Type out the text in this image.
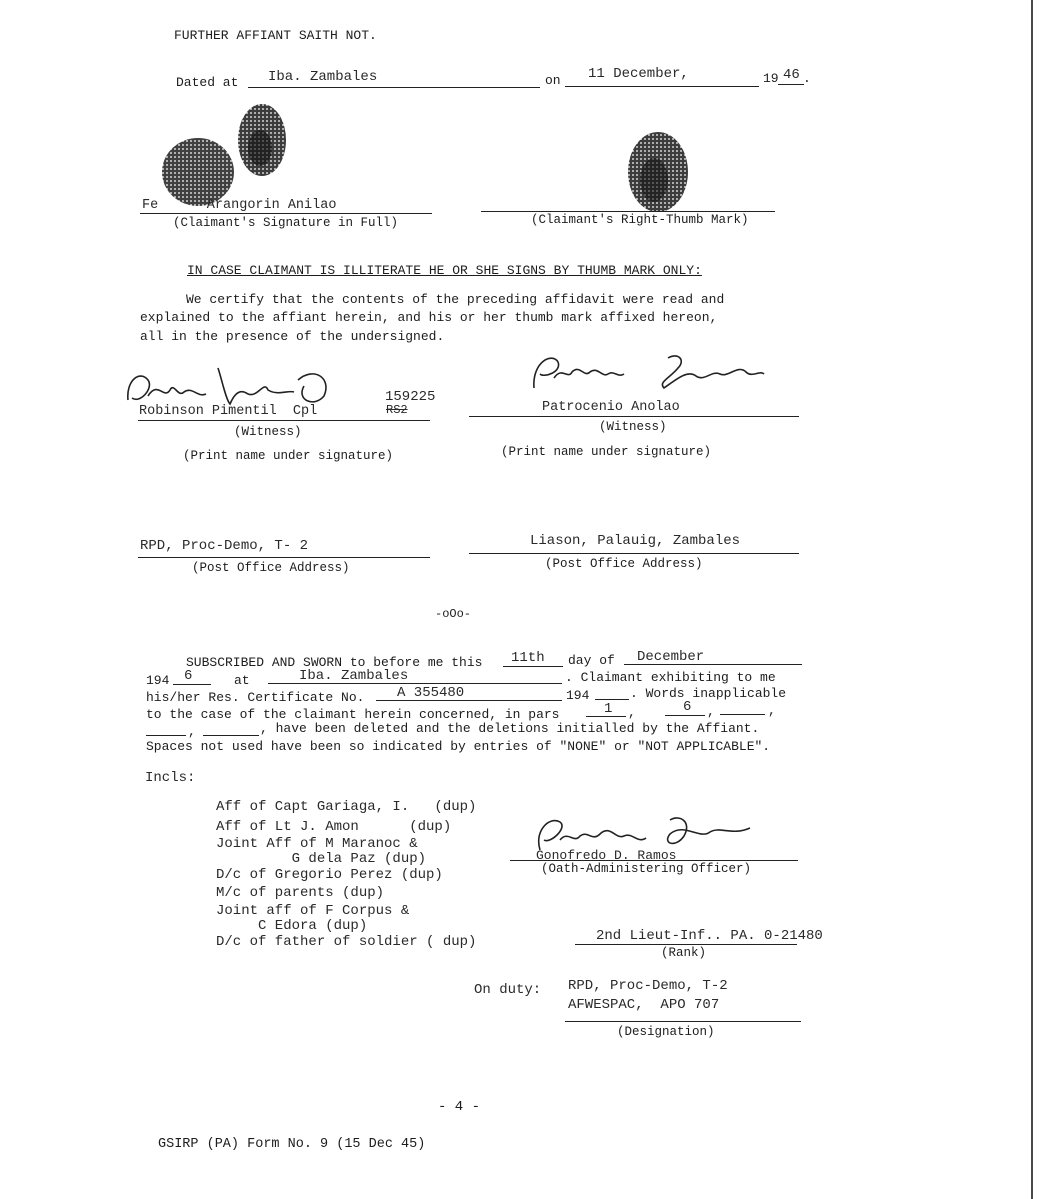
FURTHER AFFIANT SAITH NOT.
Dated at Iba. Zambales	on 11 December,	19 46 .
Fe      Arangorin Anilao
(Claimant's Signature in Full)	(Claimant's Right-Thumb Mark)
IN CASE CLAIMANT IS ILLITERATE HE OR SHE SIGNS BY THUMB MARK ONLY:
We certify that the contents of the preceding affidavit were read and
explained to the affiant herein, and his or her thumb mark affixed hereon,
all in the presence of the undersigned.
Robinson Pimentil  Cpl
159225
RS2
(Witness)
(Print name under signature)
Patrocenio Anolao
(Witness)
(Print name under signature)
RPD, Proc-Demo, T- 2
(Post Office Address)
Liason, Palauig, Zambales
(Post Office Address)
-oOo-
SUBSCRIBED AND SWORN to before me this 11th day of December
194 6	at	Iba. Zambales	. Claimant exhibiting to me
his/her Res. Certificate No. A 355480	194	. Words inapplicable
to the case of the claimant herein concerned, in pars	1 ,	6 ,	,
,	, have been deleted and the deletions initialled by the Affiant.
Spaces not used have been so indicated by entries of "NONE" or "NOT APPLICABLE".
Incls:
Aff of Capt Gariaga, I.   (dup)
Aff of Lt J. Amon      (dup)
Joint Aff of M Maranoc &
G dela Paz (dup)
D/c of Gregorio Perez (dup)
M/c of parents (dup)
Joint aff of F Corpus &
C Edora (dup)
D/c of father of soldier ( dup)
Gonofredo D. Ramos
(Oath-Administering Officer)
2nd Lieut-Inf.. PA. 0-21480
(Rank)
On duty: RPD, Proc-Demo, T-2
AFWESPAC,  APO 707
(Designation)
- 4 -
GSIRP (PA) Form No. 9 (15 Dec 45)
